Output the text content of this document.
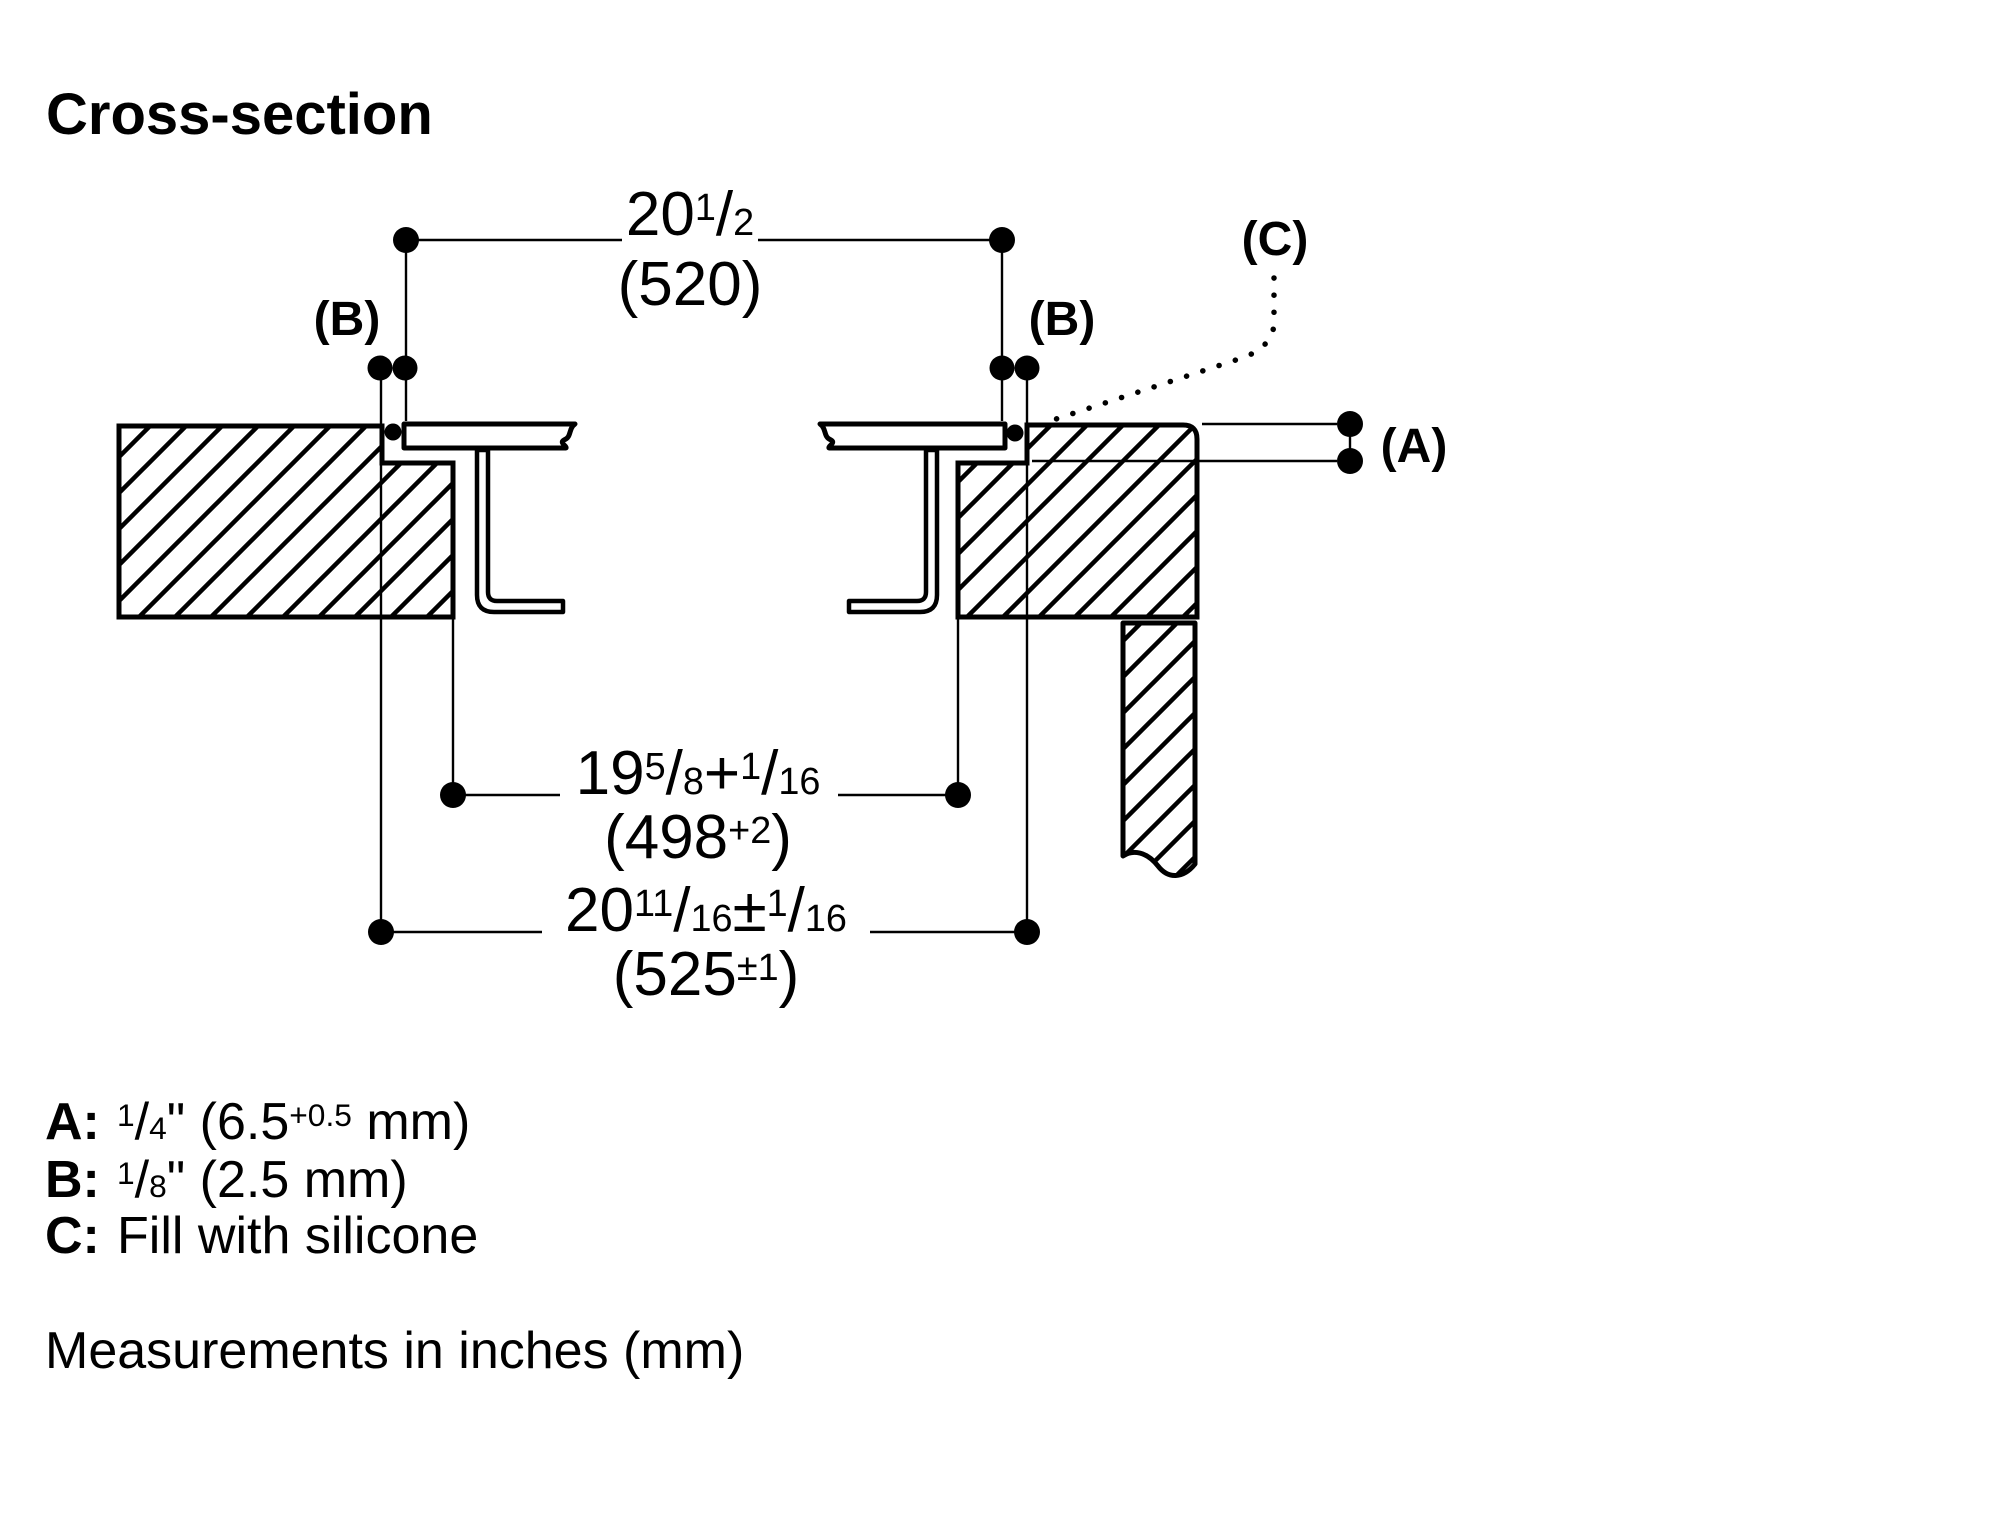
Cross-section
$20^1/2$
(520)
$19^5/8+^1/16$
$(498^{+2})$
$20^{11}/16\pm^1/16$
$(525^{\pm 1})$
(B)	(B)
(C)
(A)
A: $^1$/4" ($6.5^{+0.5}$ mm)
B: $^1$/8" (2.5 mm)
C: Fill with silicone
Measurements in inches (mm)
